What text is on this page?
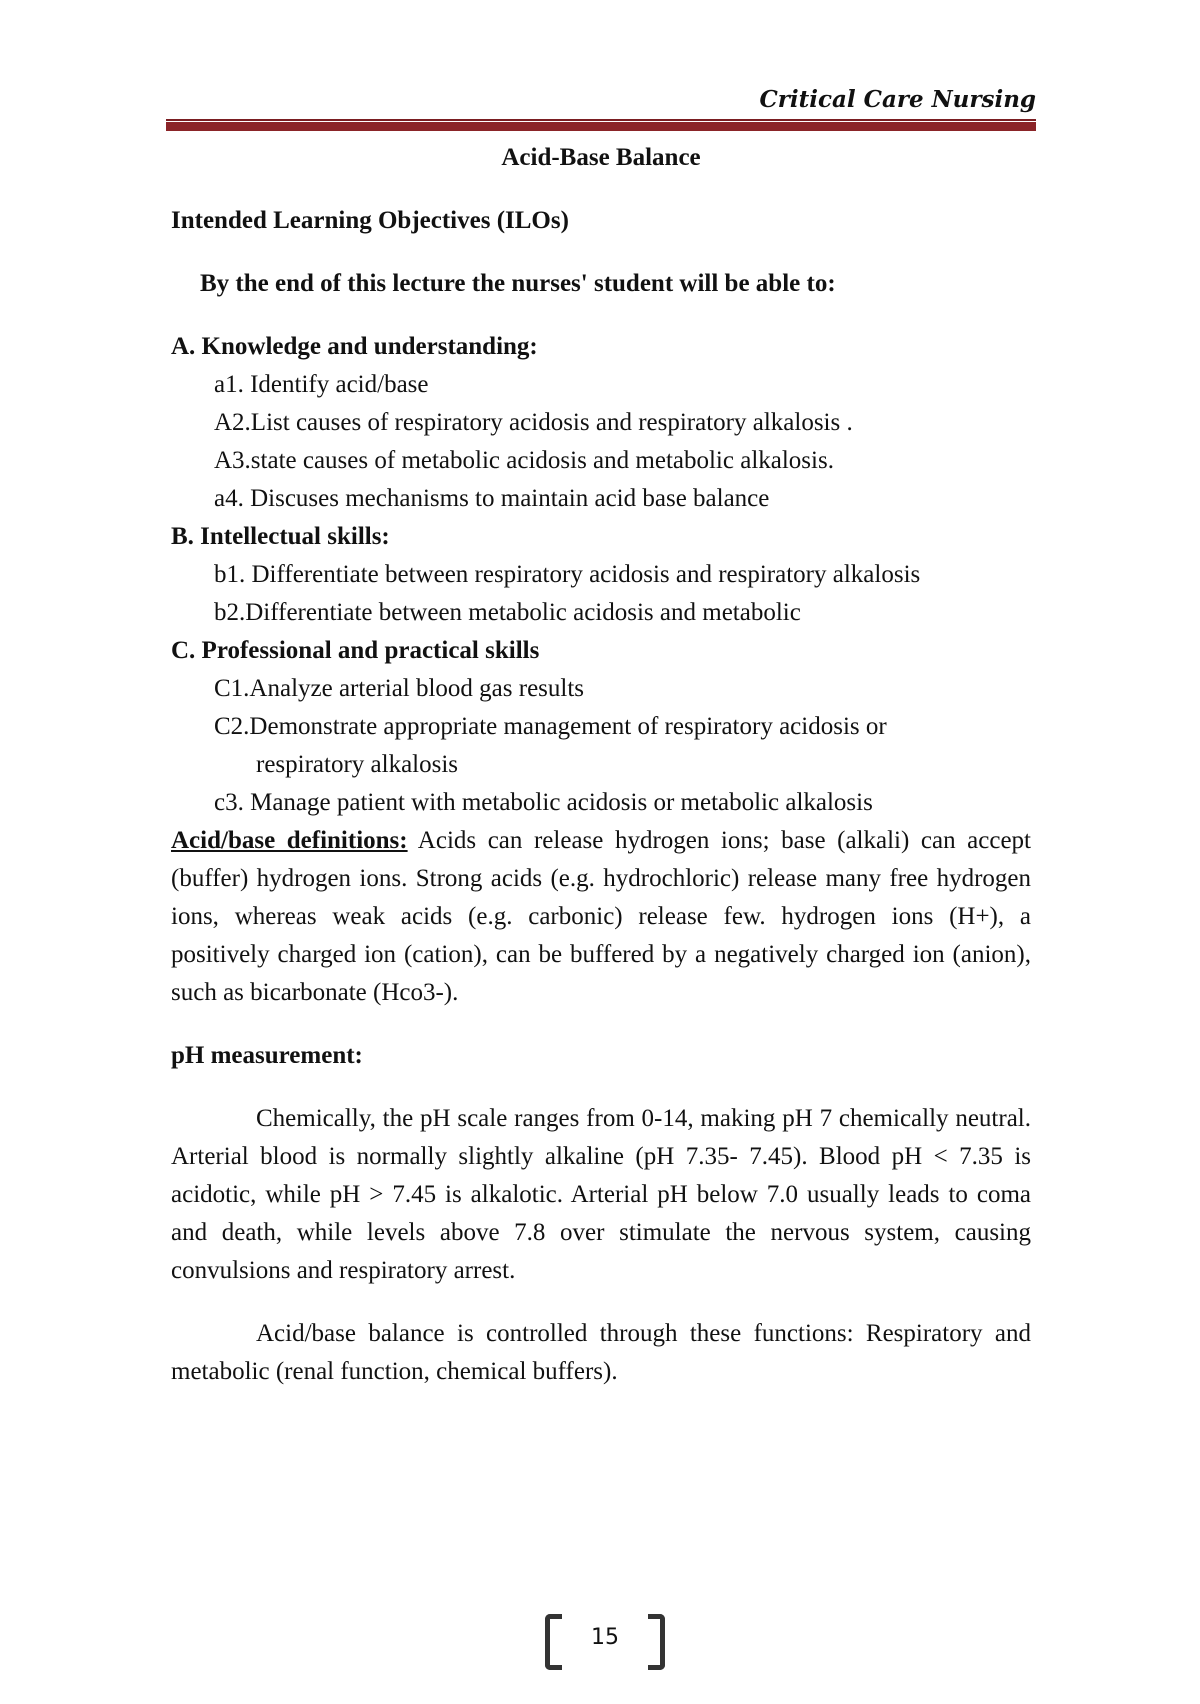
Critical Care Nursing
Acid-Base Balance
Intended Learning Objectives (ILOs)
By the end of this lecture the nurses' student will be able to:
A. Knowledge and understanding:
a1. Identify acid/base
A2.List causes of respiratory acidosis and respiratory alkalosis .
A3.state causes of metabolic acidosis and metabolic alkalosis.
a4. Discuses mechanisms to maintain acid base balance
B. Intellectual skills:
b1. Differentiate between respiratory acidosis and respiratory alkalosis
b2.Differentiate between metabolic acidosis and metabolic
C. Professional and practical skills
C1.Analyze arterial blood gas results
C2.Demonstrate appropriate management of respiratory acidosis or
respiratory alkalosis
c3. Manage patient with metabolic acidosis or metabolic alkalosis

Acid/base definitions: Acids can release hydrogen ions; base (alkali) can accept (buffer) hydrogen ions. Strong acids (e.g. hydrochloric) release many free hydrogen ions, whereas weak acids (e.g. carbonic) release few. hydrogen ions (H+), a positively charged ion (cation), can be buffered by a negatively charged ion (anion), such as bicarbonate (Hco3-).

pH measurement:

Chemically, the pH scale ranges from 0-14, making pH 7 chemically neutral. Arterial blood is normally slightly alkaline (pH 7.35- 7.45). Blood pH < 7.35 is acidotic, while pH > 7.45 is alkalotic. Arterial pH below 7.0 usually leads to coma and death, while levels above 7.8 over stimulate the nervous system, causing convulsions and respiratory arrest.

Acid/base balance is controlled through these functions: Respiratory and metabolic (renal function, chemical buffers).

15
